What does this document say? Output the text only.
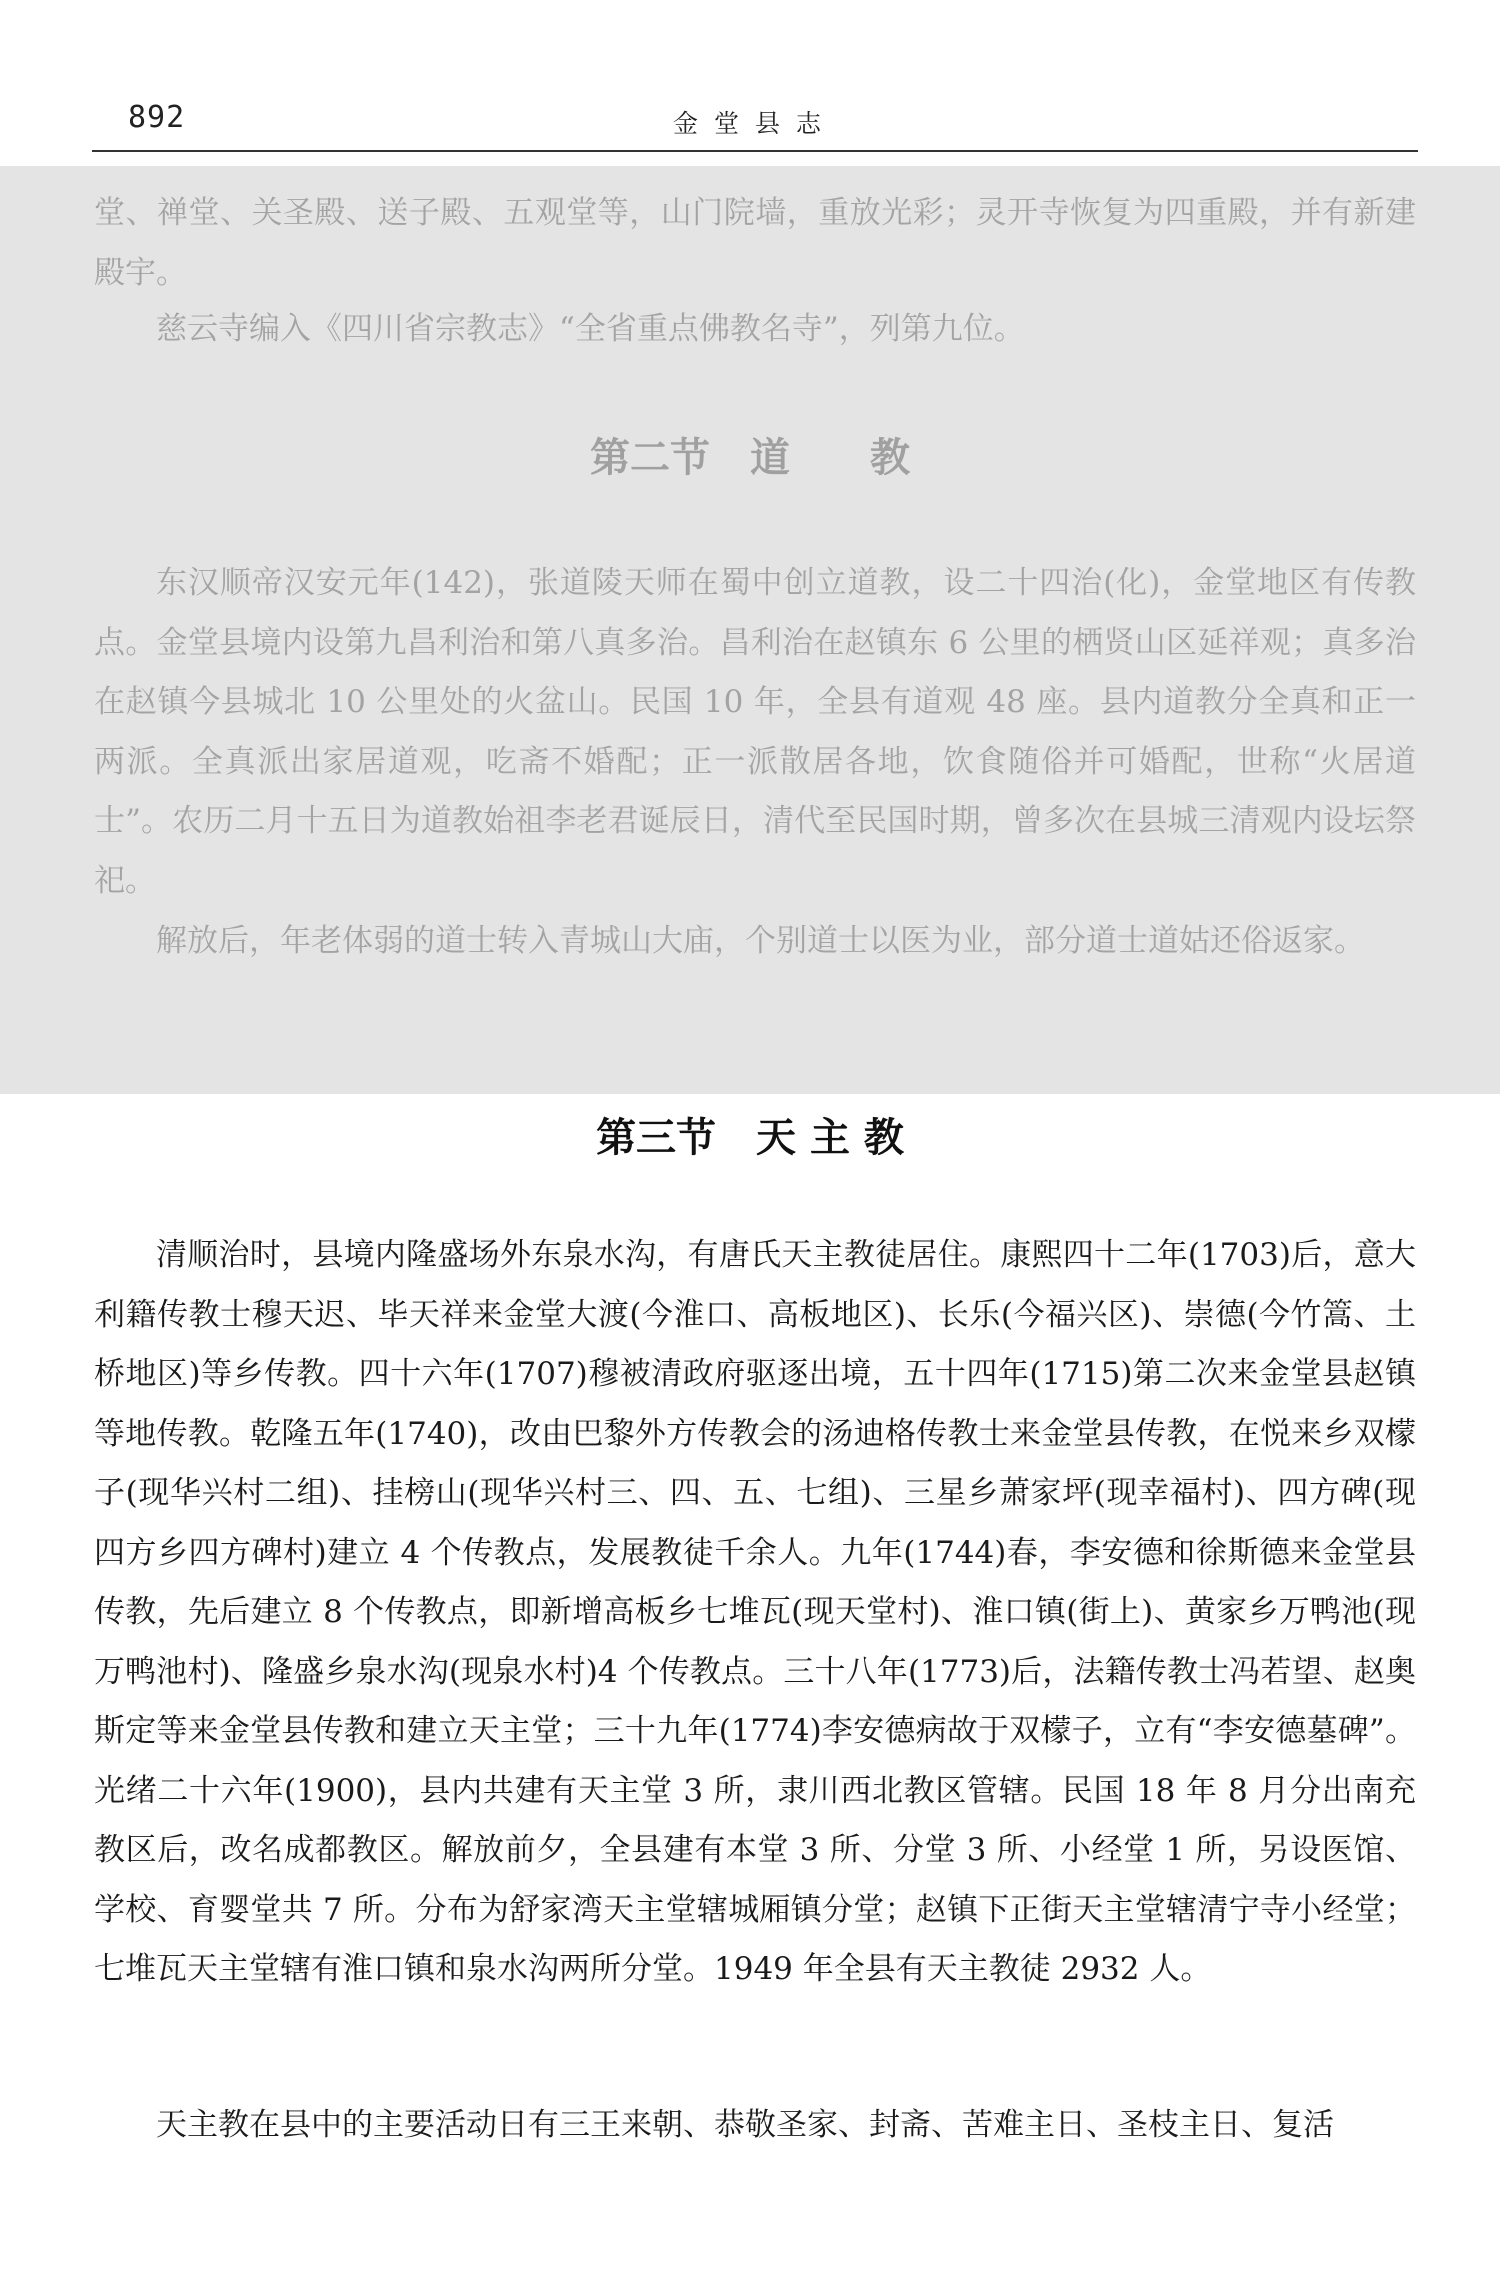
892	金堂县志

堂、禅堂、关圣殿、送子殿、五观堂等，山门院墙，重放光彩；灵开寺恢复为四重殿，并有新建殿宇。

慈云寺编入《四川省宗教志》“全省重点佛教名寺”，列第九位。

第二节　道　　教

东汉顺帝汉安元年(142)，张道陵天师在蜀中创立道教，设二十四治(化)，金堂地区有传教点。金堂县境内设第九昌利治和第八真多治。昌利治在赵镇东 6 公里的栖贤山区延祥观；真多治在赵镇今县城北 10 公里处的火盆山。民国 10 年，全县有道观 48 座。县内道教分全真和正一两派。全真派出家居道观，吃斋不婚配；正一派散居各地，饮食随俗并可婚配，世称“火居道士”。农历二月十五日为道教始祖李老君诞辰日，清代至民国时期，曾多次在县城三清观内设坛祭祀。

解放后，年老体弱的道士转入青城山大庙，个别道士以医为业，部分道士道姑还俗返家。

第三节　天 主 教

清顺治时，县境内隆盛场外东泉水沟，有唐氏天主教徒居住。康熙四十二年(1703)后，意大利籍传教士穆天迟、毕天祥来金堂大渡(今淮口、高板地区)、长乐(今福兴区)、崇德(今竹篙、土桥地区)等乡传教。四十六年(1707)穆被清政府驱逐出境，五十四年(1715)第二次来金堂县赵镇等地传教。乾隆五年(1740)，改由巴黎外方传教会的汤迪格传教士来金堂县传教，在悦来乡双檬子(现华兴村二组)、挂榜山(现华兴村三、四、五、七组)、三星乡萧家坪(现幸福村)、四方碑(现四方乡四方碑村)建立 4 个传教点，发展教徒千余人。九年(1744)春，李安德和徐斯德来金堂县传教，先后建立 8 个传教点，即新增高板乡七堆瓦(现天堂村)、淮口镇(街上)、黄家乡万鸭池(现万鸭池村)、隆盛乡泉水沟(现泉水村)4 个传教点。三十八年(1773)后，法籍传教士冯若望、赵奥斯定等来金堂县传教和建立天主堂；三十九年(1774)李安德病故于双檬子，立有“李安德墓碑”。光绪二十六年(1900)，县内共建有天主堂 3 所，隶川西北教区管辖。民国 18 年 8 月分出南充教区后，改名成都教区。解放前夕，全县建有本堂 3 所、分堂 3 所、小经堂 1 所，另设医馆、学校、育婴堂共 7 所。分布为舒家湾天主堂辖城厢镇分堂；赵镇下正街天主堂辖清宁寺小经堂；七堆瓦天主堂辖有淮口镇和泉水沟两所分堂。1949 年全县有天主教徒 2932 人。

天主教在县中的主要活动日有三王来朝、恭敬圣家、封斋、苦难主日、圣枝主日、复活
